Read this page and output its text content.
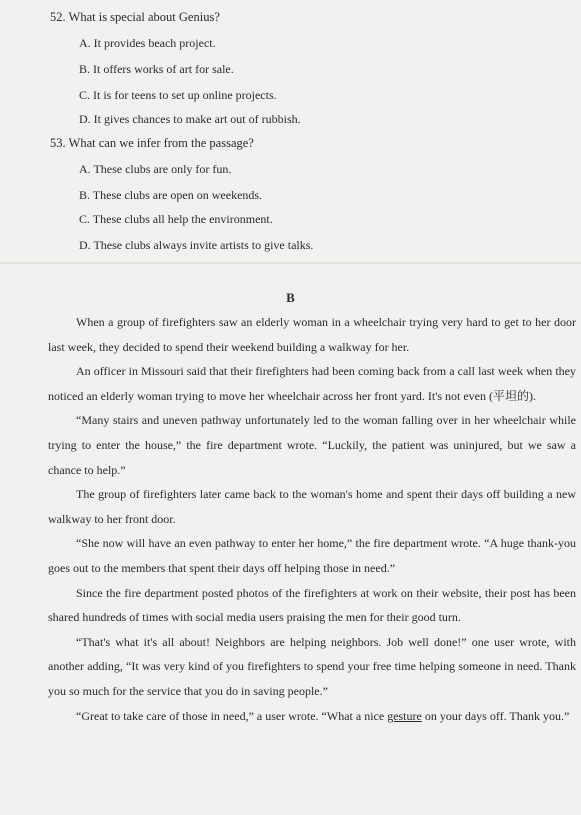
52. What is special about Genius?
A. It provides beach project.
B. It offers works of art for sale.
C. It is for teens to set up online projects.
D. It gives chances to make art out of rubbish.
53. What can we infer from the passage?
A. These clubs are only for fun.
B. These clubs are open on weekends.
C. These clubs all help the environment.
D. These clubs always invite artists to give talks.
B

When a group of firefighters saw an elderly woman in a wheelchair trying very hard to get to her door last week, they decided to spend their weekend building a walkway for her.

An officer in Missouri said that their firefighters had been coming back from a call last week when they noticed an elderly woman trying to move her wheelchair across her front yard. It's not even (平坦的).

“Many stairs and uneven pathway unfortunately led to the woman falling over in her wheelchair while trying to enter the house,” the fire department wrote. “Luckily, the patient was uninjured, but we saw a chance to help.”

The group of firefighters later came back to the woman's home and spent their days off building a new walkway to her front door.

“She now will have an even pathway to enter her home,” the fire department wrote. “A huge thank-you goes out to the members that spent their days off helping those in need.”

Since the fire department posted photos of the firefighters at work on their website, their post has been shared hundreds of times with social media users praising the men for their good turn.

“That's what it's all about! Neighbors are helping neighbors. Job well done!” one user wrote, with another adding, “It was very kind of you firefighters to spend your free time helping someone in need. Thank you so much for the service that you do in saving people.”

“Great to take care of those in need,” a user wrote. “What a nice gesture on your days off. Thank you.”
